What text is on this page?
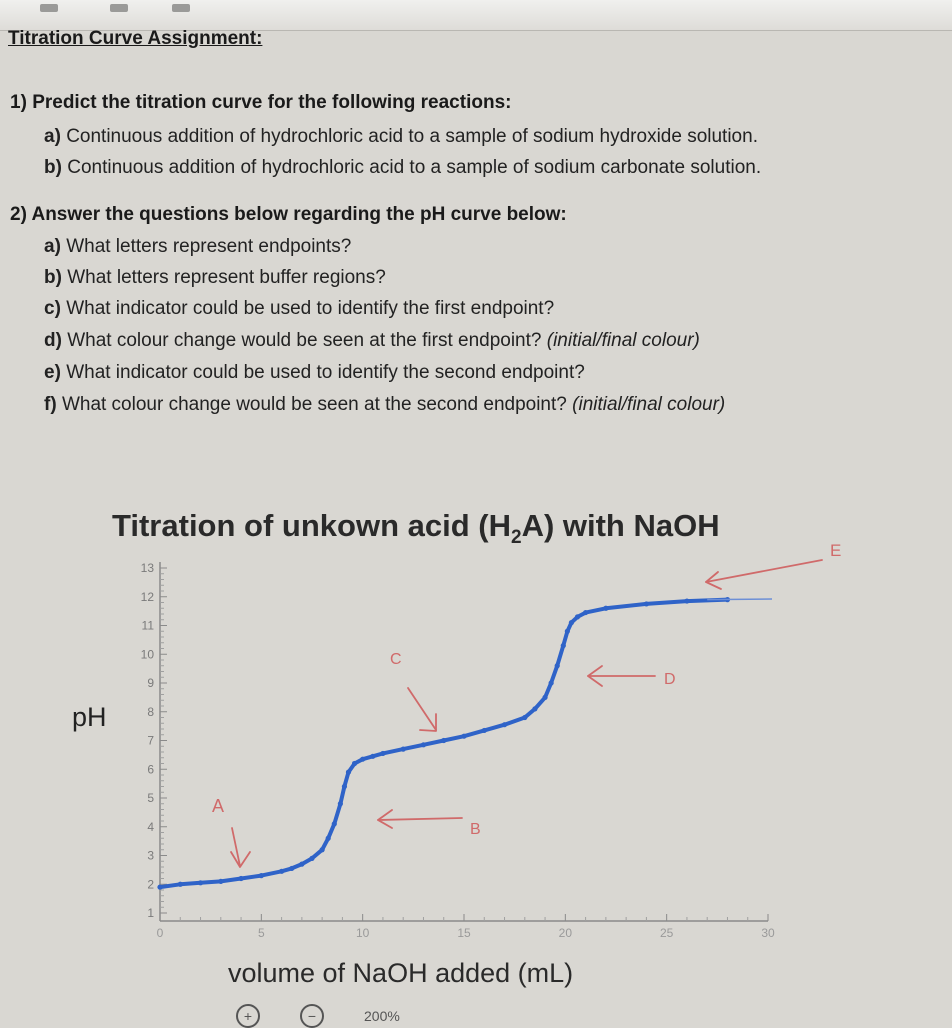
Titration Curve Assignment:
1) Predict the titration curve for the following reactions:
a) Continuous addition of hydrochloric acid to a sample of sodium hydroxide solution.
b) Continuous addition of hydrochloric acid to a sample of sodium carbonate solution.
2) Answer the questions below regarding the pH curve below:
a) What letters represent endpoints?
b) What letters represent buffer regions?
c) What indicator could be used to identify the first endpoint?
d) What colour change would be seen at the first endpoint? (initial/final colour)
e) What indicator could be used to identify the second endpoint?
f) What colour change would be seen at the second endpoint? (initial/final colour)
Titration of unkown acid $(H_2A)$ with NaOH
pH
volume of NaOH added (mL)
1
2
3
4
5
6
7
8
9
10
11
12
13
0	5	10	15	20	25	30
A
B
C
D
E
+	−	200%
